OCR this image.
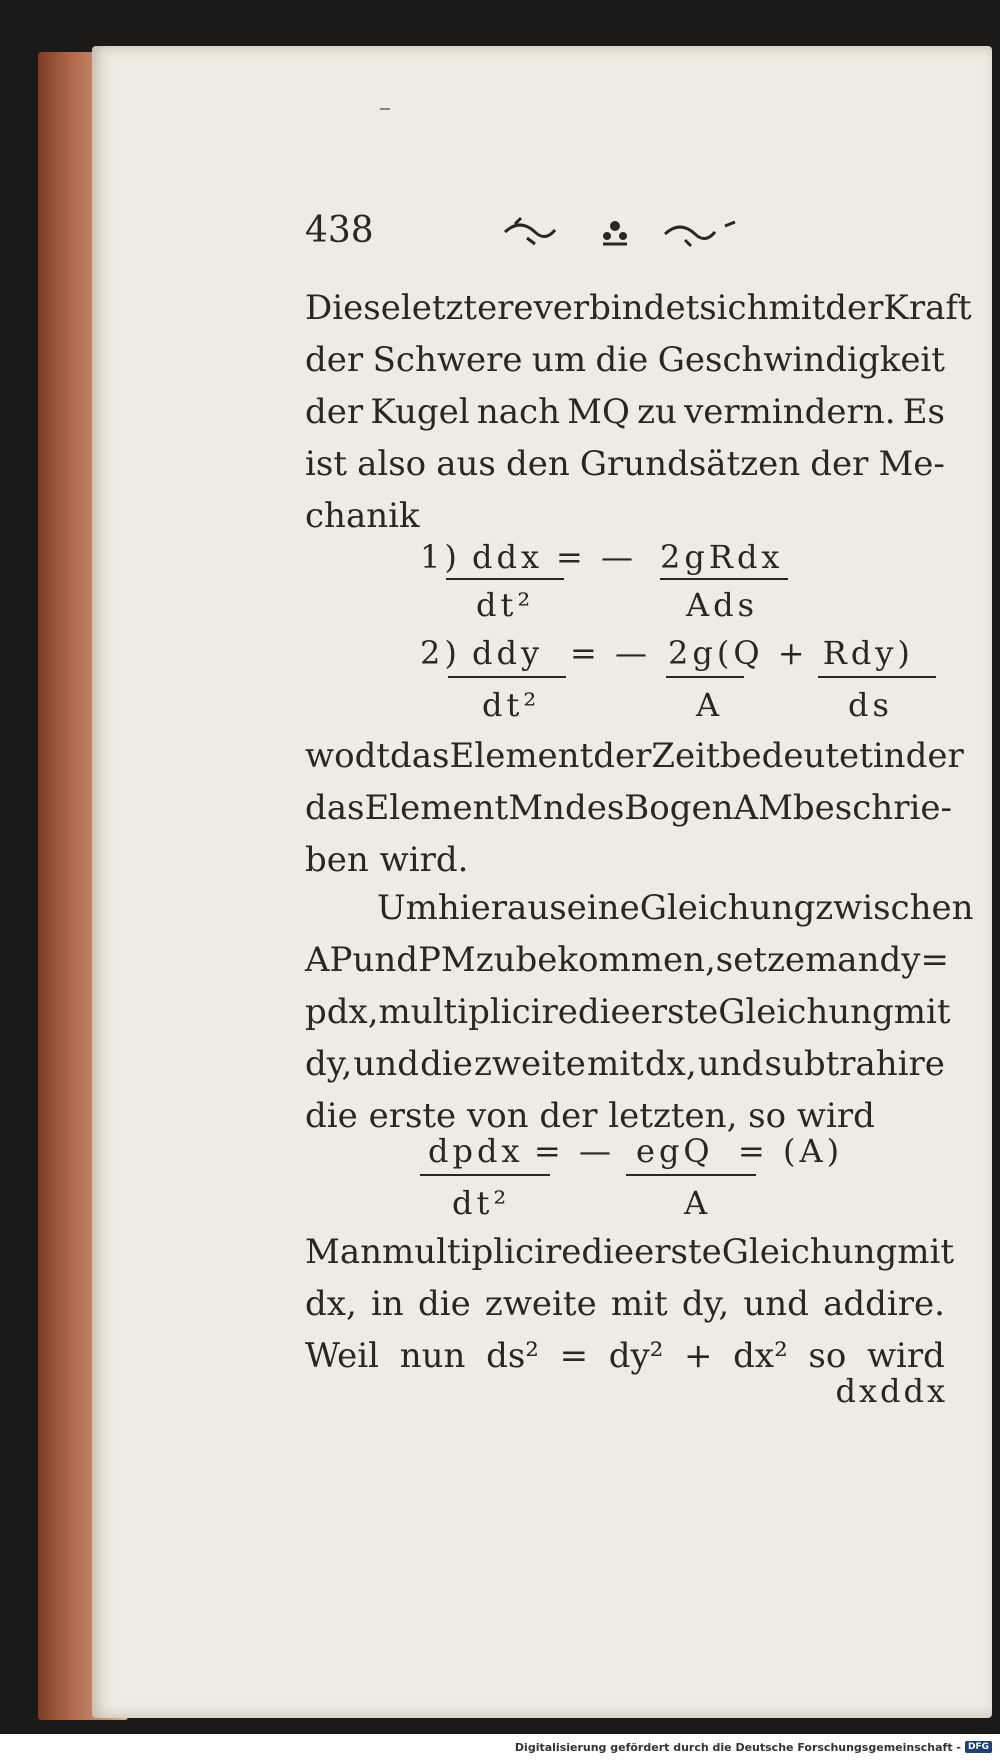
438
Diese letztere verbindet sich mit der Kraft
der Schwere um die Geschwindigkeit
der Kugel nach MQ zu vermindern. Es
ist also aus den Grundsätzen der Me-
chanik
1) ddx = — 2gRdx
dt²	Ads
2) ddy = — 2g(Q + Rdy)
dt²	A	ds
wo dt das Element der Zeit bedeutet in der
das Element Mn des Bogen AM beschrie-
ben wird.
Um hieraus eine Gleichung zwischen
AP und PM zu bekommen, setze man dy =
pdx, multiplicire die erste Gleichung mit
dy, und die zweite mit dx, und subtrahire
die erste von der letzten, so wird
dpdx = — egQ = (A)
dt²	A
Man multiplicire die erste Gleichung mit
dx, in die zweite mit dy, und addire.
Weil nun ds² = dy² + dx² so wird
dxddx
Digitalisierung gefördert durch die Deutsche Forschungsgemeinschaft - DFG
